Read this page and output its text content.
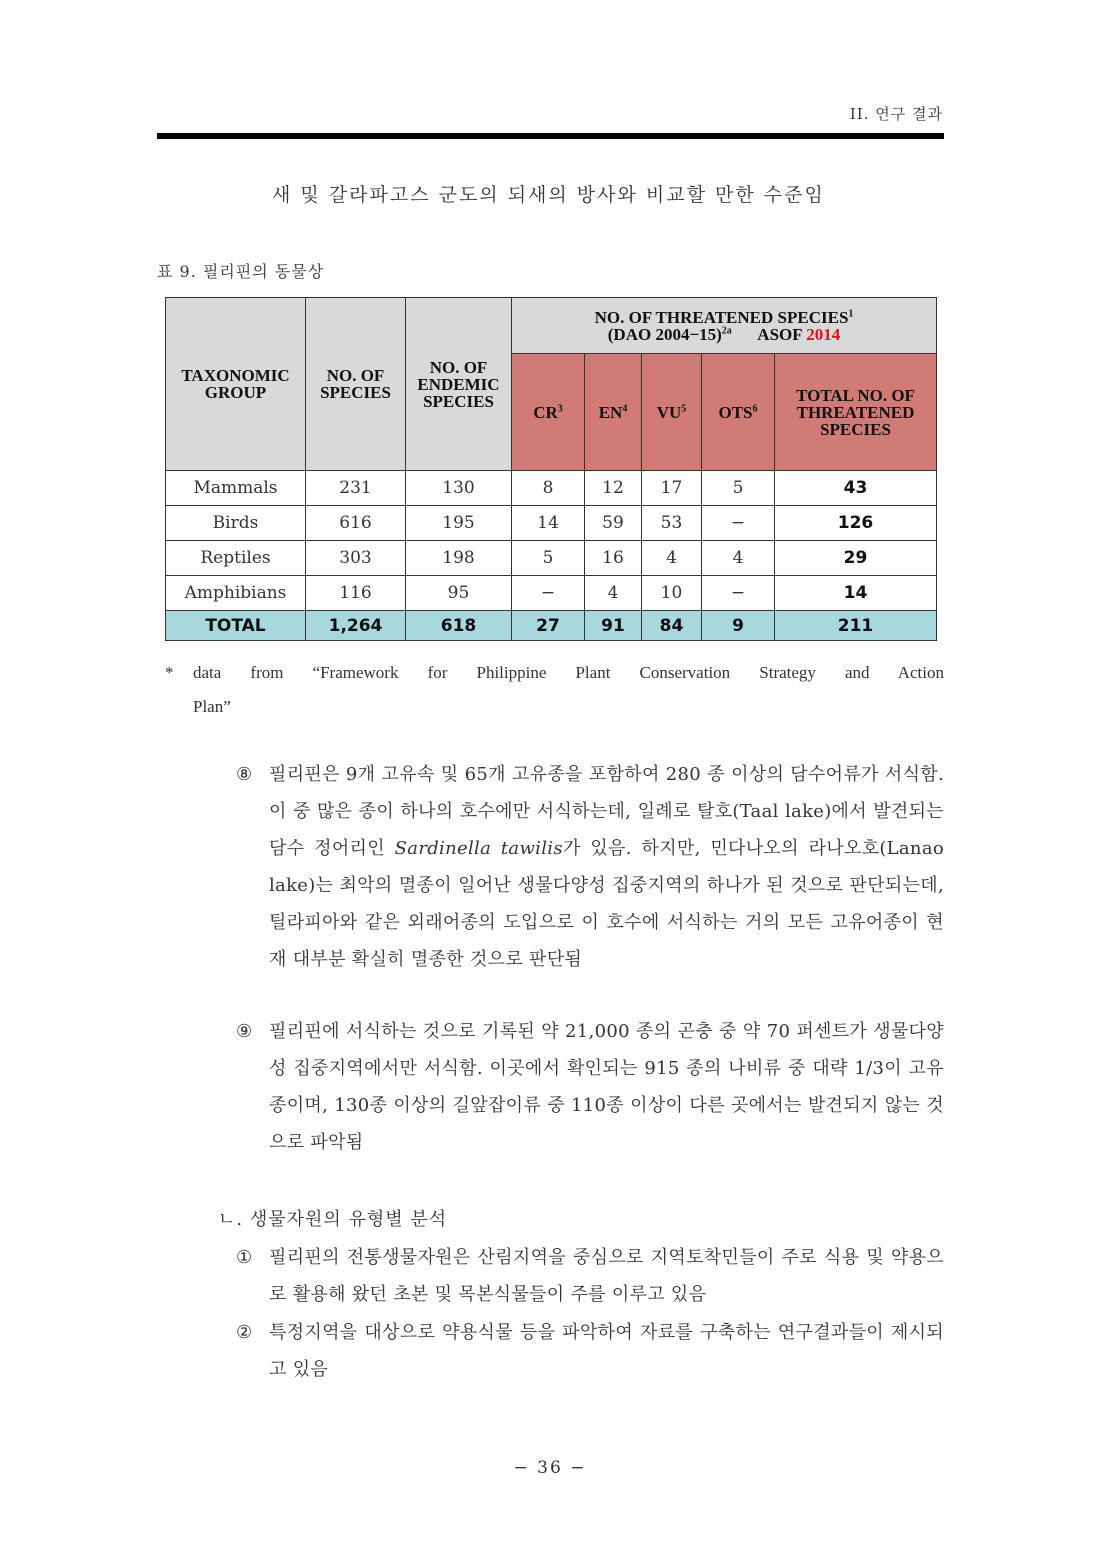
II. 연구 결과
새 및 갈라파고스 군도의 되새의 방사와 비교할 만한 수준임
표 9. 필리핀의 동물상
TAXONOMIC GROUP	NO. OF SPECIES	NO. OF ENDEMIC SPECIES	NO. OF THREATENED SPECIES$^1$
(DAO 2004−15)$^{2a}$ ASOF 2014				

			$CR^3$	$EN^4$	$VU^5$	OTS$^6$	TOTAL NO. OF THREATENED SPECIES
Mammals	231	130	8	12	17	5	43
Birds	616	195	14	59	53	−	126
Reptiles	303	198	5	16	4	4	29
Amphibians	116	95	−	4	10	−	14
TOTAL	1,264	618	27	91	84	9	211
* data from “Framework for Philippine Plant Conservation Strategy and Action
Plan”
⑧ 필리핀은 9개 고유속 및 65개 고유종을 포함하여 280 종 이상의 담수어류가 서식함. 이 중 많은 종이 하나의 호수에만 서식하는데, 일례로 탈호(Taal lake)에서 발견되는 담수 정어리인 Sardinella tawilis가 있음. 하지만, 민다나오의 라나오호(Lanao lake)는 최악의 멸종이 일어난 생물다양성 집중지역의 하나가 된 것으로 판단되는데, 틸라피아와 같은 외래어종의 도입으로 이 호수에 서식하는 거의 모든 고유어종이 현재 대부분 확실히 멸종한 것으로 판단됨
⑨ 필리핀에 서식하는 것으로 기록된 약 21,000 종의 곤충 중 약 70 퍼센트가 생물다양성 집중지역에서만 서식함. 이곳에서 확인되는 915 종의 나비류 중 대략 1/3이 고유종이며, 130종 이상의 길앞잡이류 중 110종 이상이 다른 곳에서는 발견되지 않는 것으로 파악됨
ㄴ. 생물자원의 유형별 분석
① 필리핀의 전통생물자원은 산림지역을 중심으로 지역토착민들이 주로 식용 및 약용으로 활용해 왔던 초본 및 목본식물들이 주를 이루고 있음
② 특정지역을 대상으로 약용식물 등을 파악하여 자료를 구축하는 연구결과들이 제시되고 있음
− 36 −
